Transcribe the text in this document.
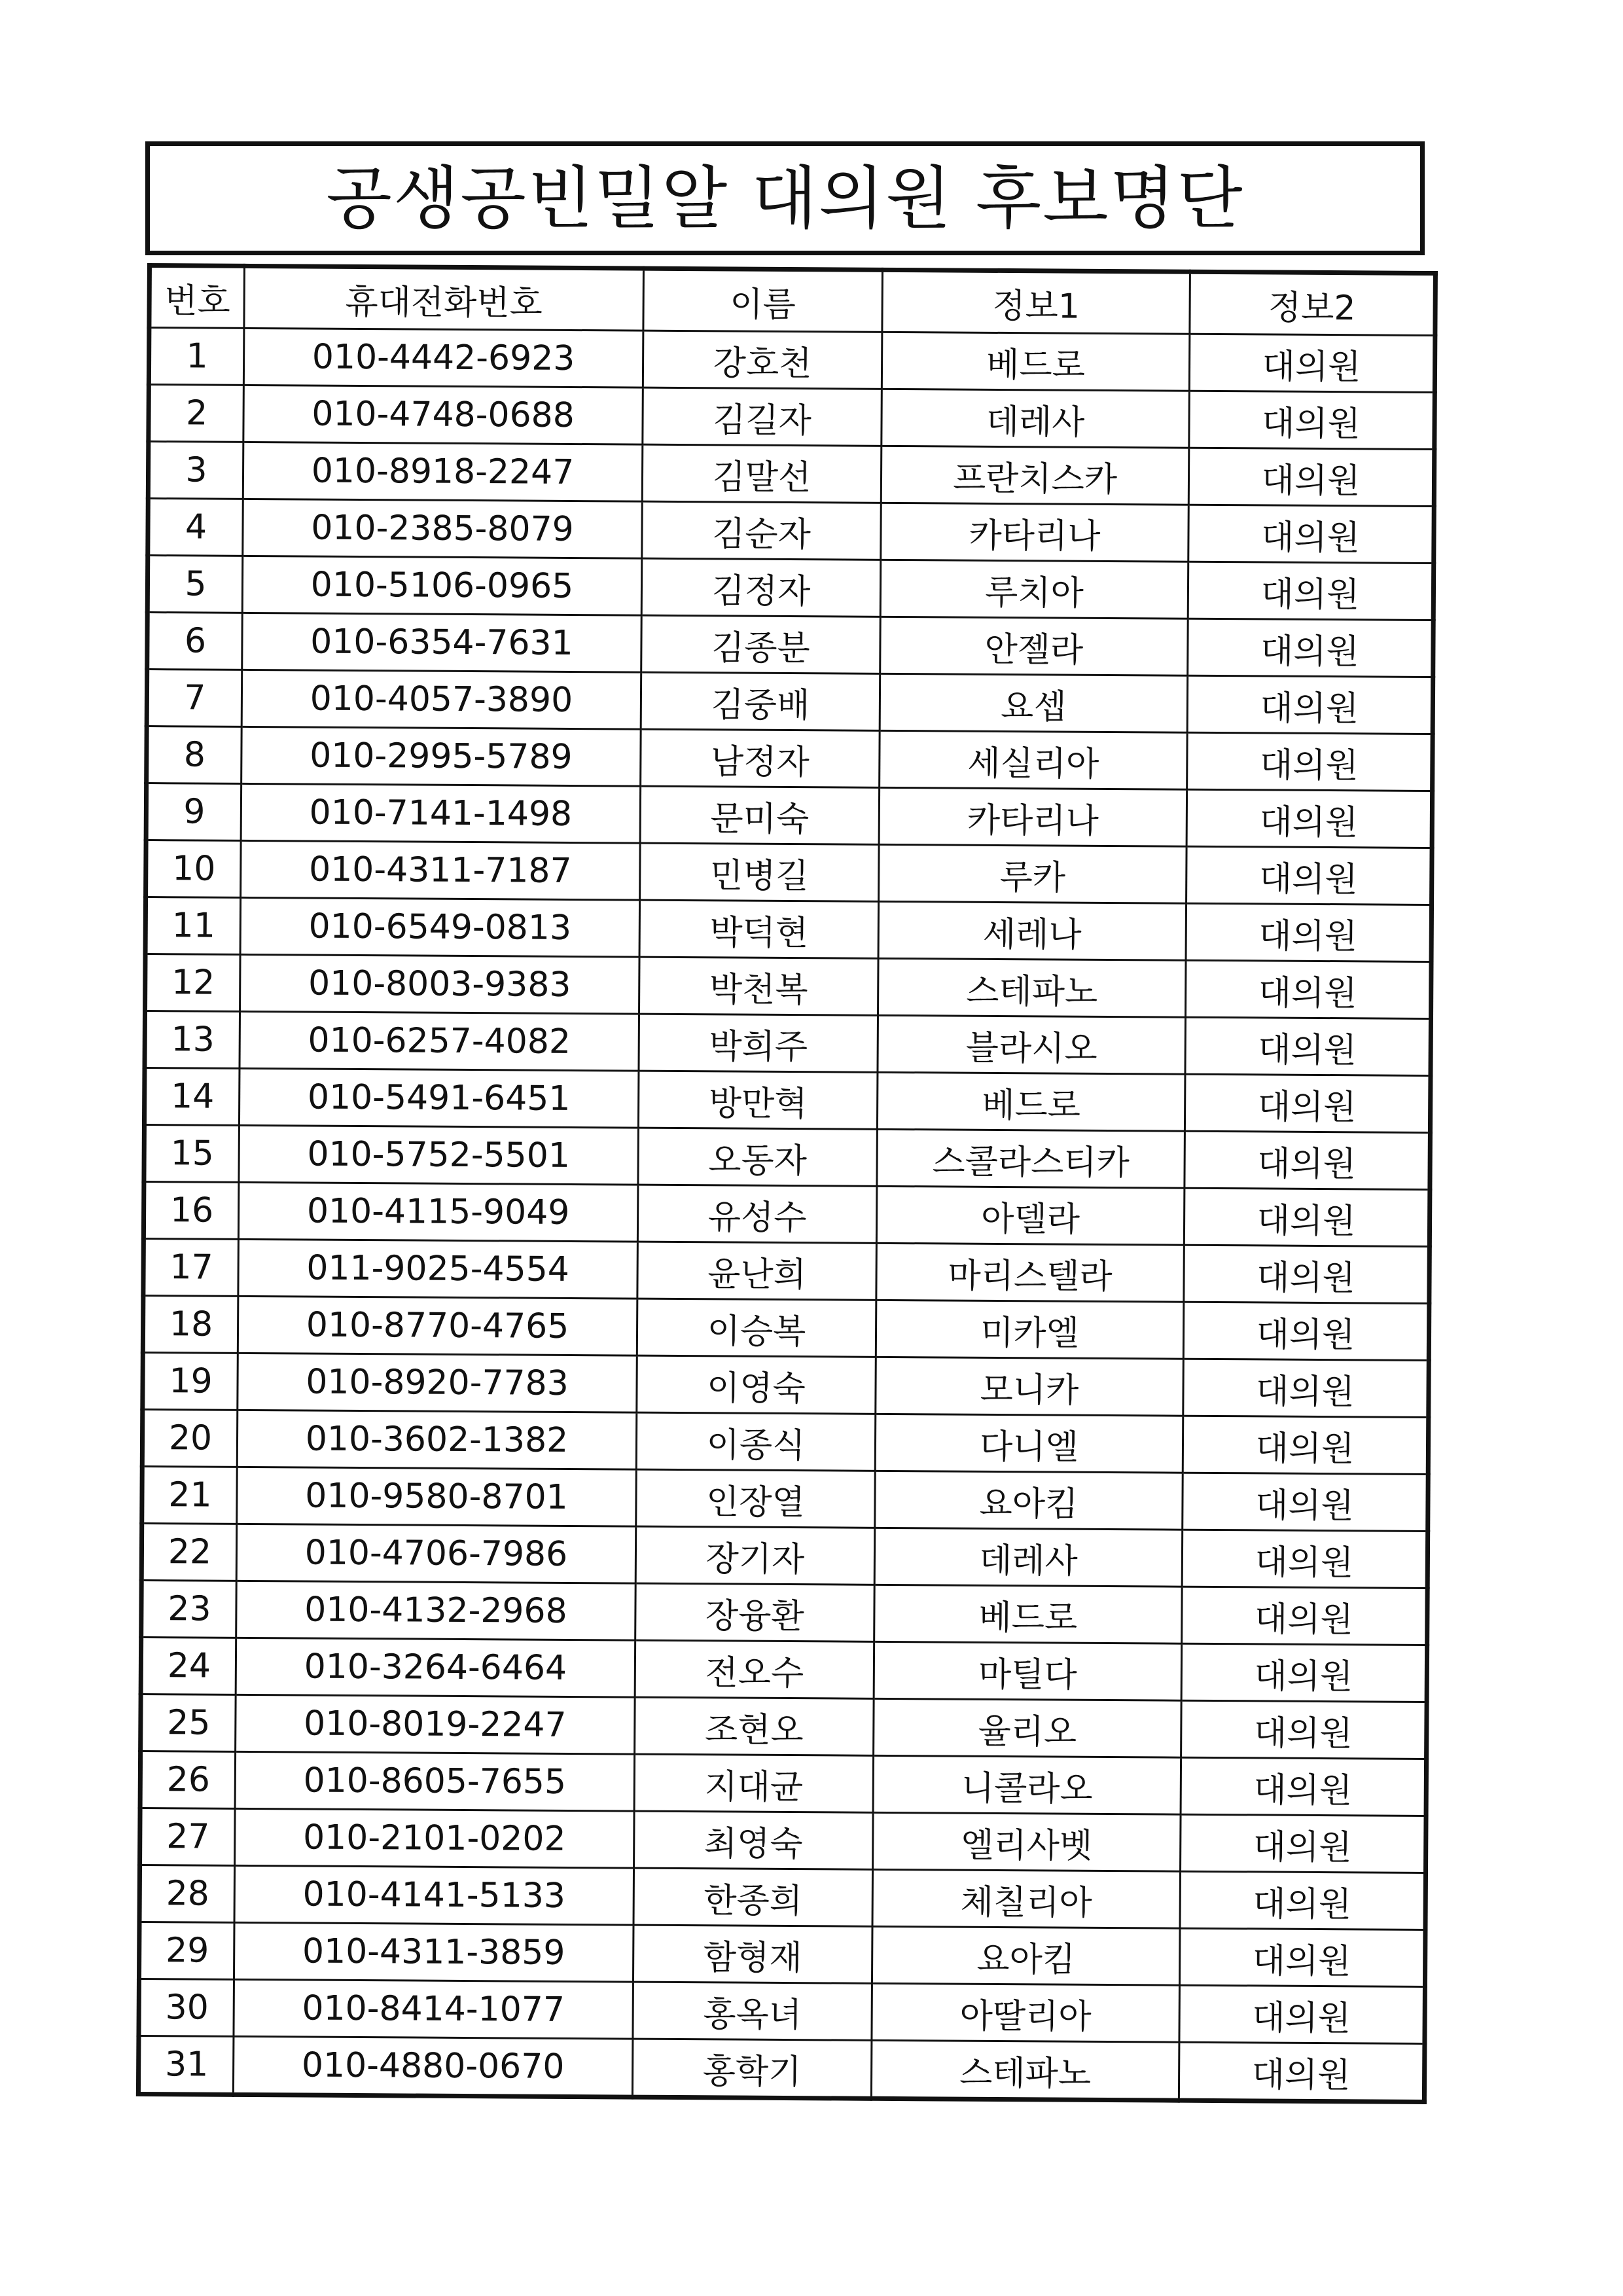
공생공빈밀알 대의원 후보명단
번호	휴대전화번호	이름	정보1	정보2
1	010-4442-6923	강호천	베드로	대의원
2	010-4748-0688	김길자	데레사	대의원
3	010-8918-2247	김말선	프란치스카	대의원
4	010-2385-8079	김순자	카타리나	대의원
5	010-5106-0965	김정자	루치아	대의원
6	010-6354-7631	김종분	안젤라	대의원
7	010-4057-3890	김중배	요셉	대의원
8	010-2995-5789	남정자	세실리아	대의원
9	010-7141-1498	문미숙	카타리나	대의원
10	010-4311-7187	민병길	루카	대의원
11	010-6549-0813	박덕현	세레나	대의원
12	010-8003-9383	박천복	스테파노	대의원
13	010-6257-4082	박희주	블라시오	대의원
14	010-5491-6451	방만혁	베드로	대의원
15	010-5752-5501	오동자	스콜라스티카	대의원
16	010-4115-9049	유성수	아델라	대의원
17	011-9025-4554	윤난희	마리스텔라	대의원
18	010-8770-4765	이승복	미카엘	대의원
19	010-8920-7783	이영숙	모니카	대의원
20	010-3602-1382	이종식	다니엘	대의원
21	010-9580-8701	인장열	요아킴	대의원
22	010-4706-7986	장기자	데레사	대의원
23	010-4132-2968	장융환	베드로	대의원
24	010-3264-6464	전오수	마틸다	대의원
25	010-8019-2247	조현오	율리오	대의원
26	010-8605-7655	지대균	니콜라오	대의원
27	010-2101-0202	최영숙	엘리사벳	대의원
28	010-4141-5133	한종희	체칠리아	대의원
29	010-4311-3859	함형재	요아킴	대의원
30	010-8414-1077	홍옥녀	아딸리아	대의원
31	010-4880-0670	홍학기	스테파노	대의원
